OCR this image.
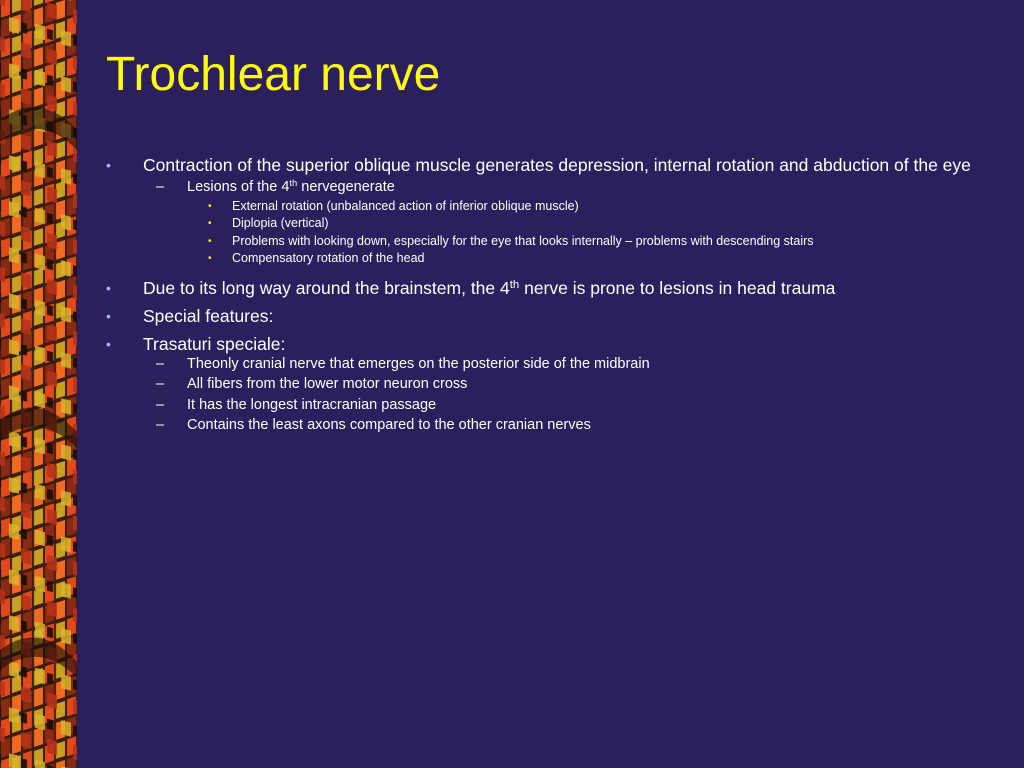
Trochlear nerve
• Contraction of the superior oblique muscle generates depression, internal rotation and abduction of the eye
– Lesions of the 4th nervegenerate
• External rotation (unbalanced action of inferior oblique muscle)
• Diplopia (vertical)
• Problems with looking down, especially for the eye that looks internally – problems with descending stairs
• Compensatory rotation of the head
• Due to its long way around the brainstem, the 4th nerve is prone to lesions in head trauma
• Special features:
• Trasaturi speciale:
– Theonly cranial nerve that emerges on the posterior side of the midbrain
– All fibers from the lower motor neuron cross
– It has the longest intracranian passage
– Contains the least axons compared to the other cranian nerves
